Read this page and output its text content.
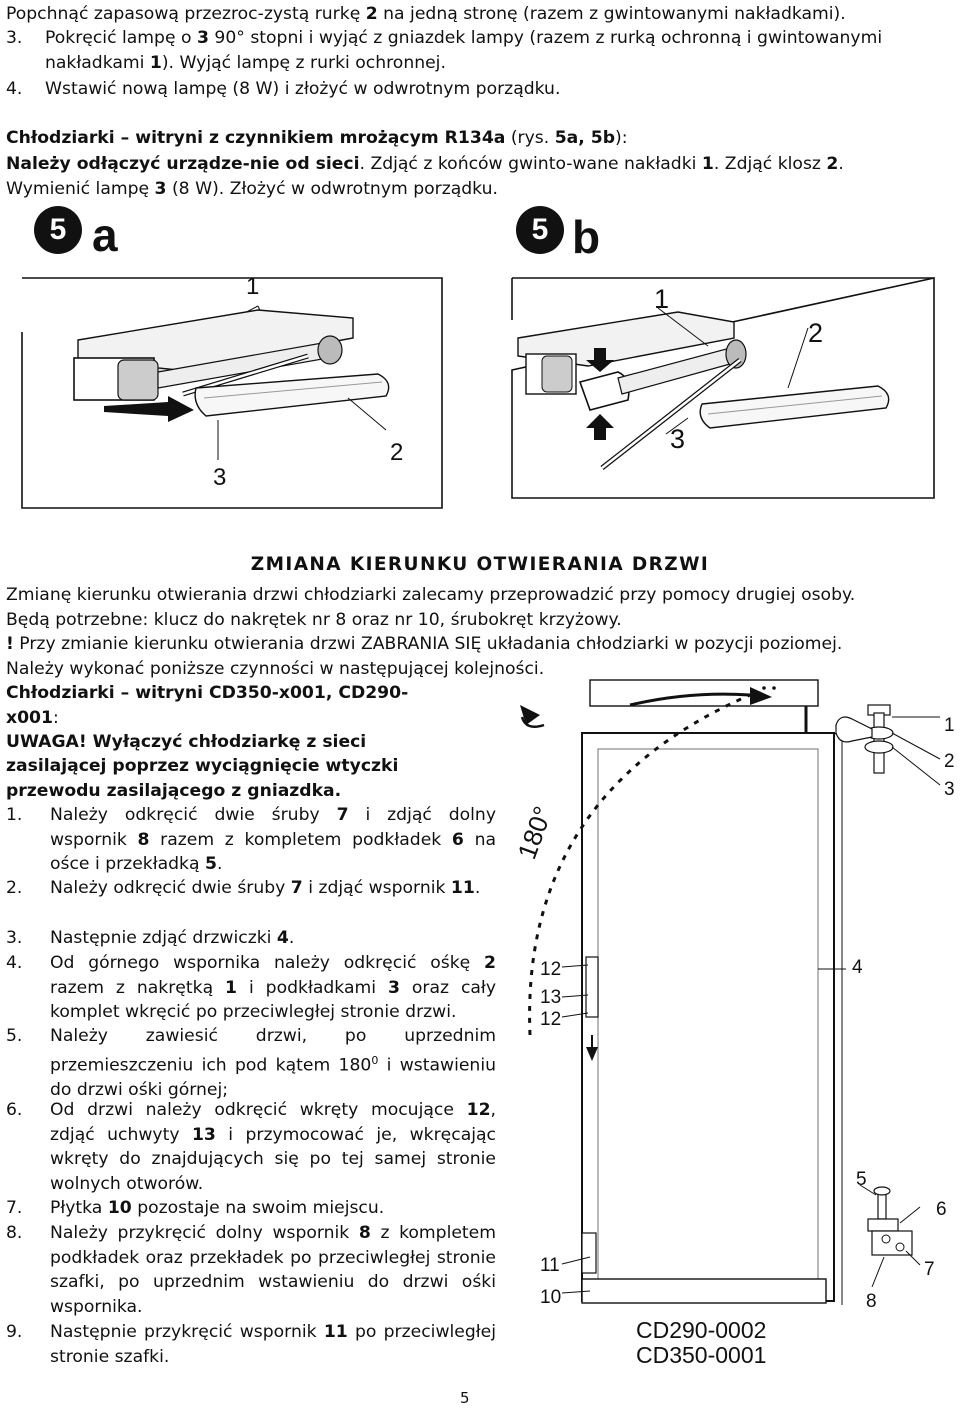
Popchnąć zapasową przezroc-zystą rurkę 2 na jedną stronę (razem z gwintowanymi nakładkami).
3. Pokręcić lampę o 3 90° stopni i wyjąć z gniazdek lampy (razem z rurką ochronną i gwintowanymi
nakładkami 1). Wyjąć lampę z rurki ochronnej.
4. Wstawić nową lampę (8 W) i złożyć w odwrotnym porządku.
Chłodziarki – witryni z czynnikiem mrożącym R134a (rys. 5a, 5b):
Należy odłączyć urządze-nie od sieci. Zdjąć z końców gwinto-wane nakładki 1. Zdjąć klosz 2.
Wymienić lampę 3 (8 W). Złożyć w odwrotnym porządku.
5 a
1
2
3
5 b
1
2
3
ZMIANA KIERUNKU OTWIERANIA DRZWI
Zmianę kierunku otwierania drzwi chłodziarki zalecamy przeprowadzić przy pomocy drugiej osoby.
Będą potrzebne: klucz do nakrętek nr 8 oraz nr 10, śrubokręt krzyżowy.
! Przy zmianie kierunku otwierania drzwi ZABRANIA SIĘ układania chłodziarki w pozycji poziomej.
Należy wykonać poniższe czynności w następującej kolejności.
Chłodziarki – witryni CD350-x001, CD290-
x001:
UWAGA! Wyłączyć chłodziarkę z sieci
zasilającej poprzez wyciągnięcie wtyczki
przewodu zasilającego z gniazdka.
1. Należy odkręcić dwie śruby 7 i zdjąć dolny wspornik 8 razem z kompletem podkładek 6 na ośce i przekładką 5.
2. Należy odkręcić dwie śruby 7 i zdjąć wspornik 11.
3. Następnie zdjąć drzwiczki 4.
4. Od górnego wspornika należy odkręcić ośkę 2 razem z nakrętką 1 i podkładkami 3 oraz cały komplet wkręcić po przeciwległej stronie drzwi.
5. Należy zawiesić drzwi, po uprzednim przemieszczeniu ich pod kątem $180^0$ i wstawieniu do drzwi ośki górnej;
6. Od drzwi należy odkręcić wkręty mocujące 12, zdjąć uchwyty 13 i przymocować je, wkręcając wkręty do znajdujących się po tej samej stronie wolnych otworów.
7. Płytka 10 pozostaje na swoim miejscu.
8. Należy przykręcić dolny wspornik 8 z kompletem podkładek oraz przekładek po przeciwległej stronie szafki, po uprzednim wstawieniu do drzwi ośki wspornika.
9. Następnie przykręcić wspornik 11 po przeciwległej stronie szafki.
180°
12
13
12
4
1
2
3
11
10
5
6
7
8
CD290-0002
CD350-0001
5
